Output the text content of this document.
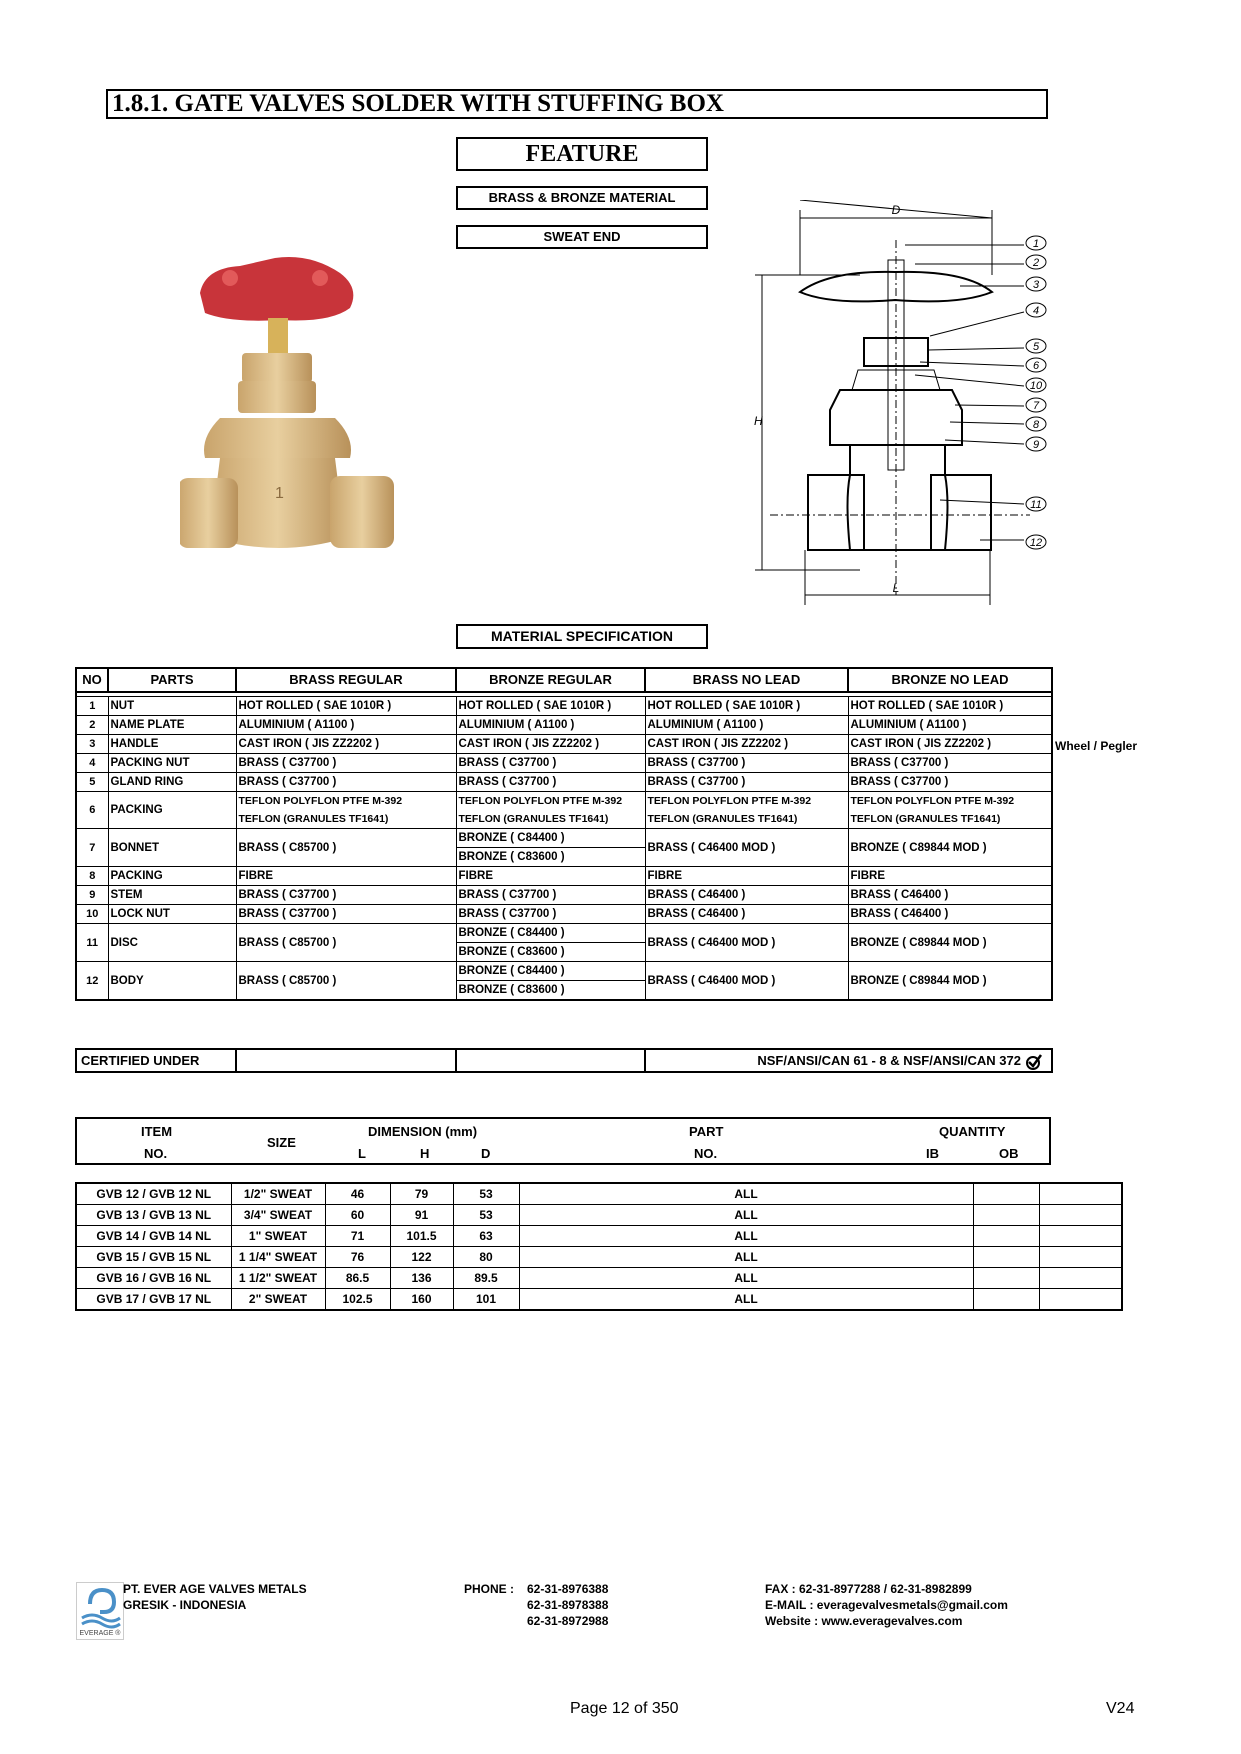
1.8.1. GATE VALVES SOLDER WITH STUFFING BOX
FEATURE
BRASS & BRONZE MATERIAL
SWEAT END
1
1
2
3
4
5
6
10
7
8
9
11
12
D
H
L
MATERIAL SPECIFICATION
NO	PARTS	BRASS REGULAR	BRONZE REGULAR	BRASS NO LEAD	BRONZE NO LEAD

1	NUT	HOT ROLLED ( SAE 1010R )	HOT ROLLED ( SAE 1010R )	HOT ROLLED ( SAE 1010R )	HOT ROLLED ( SAE 1010R )
2	NAME PLATE	ALUMINIUM ( A1100 )	ALUMINIUM ( A1100 )	ALUMINIUM ( A1100 )	ALUMINIUM ( A1100 )
3	HANDLE	CAST IRON ( JIS ZZ2202 )	CAST IRON ( JIS ZZ2202 )	CAST IRON ( JIS ZZ2202 )	CAST IRON ( JIS ZZ2202 )
4	PACKING NUT	BRASS ( C37700 )	BRASS ( C37700 )	BRASS ( C37700 )	BRASS ( C37700 )
5	GLAND RING	BRASS ( C37700 )	BRASS ( C37700 )	BRASS ( C37700 )	BRASS ( C37700 )
6	PACKING	TEFLON POLYFLON PTFE M-392	TEFLON POLYFLON PTFE M-392	TEFLON POLYFLON PTFE M-392	TEFLON POLYFLON PTFE M-392
		TEFLON (GRANULES TF1641)	TEFLON (GRANULES TF1641)	TEFLON (GRANULES TF1641)	TEFLON (GRANULES TF1641)
7	BONNET	BRASS ( C85700 )	BRONZE ( C84400 )	BRASS ( C46400 MOD )	BRONZE ( C89844 MOD )
			BRONZE ( C83600 )		
8	PACKING	FIBRE	FIBRE	FIBRE	FIBRE
9	STEM	BRASS ( C37700 )	BRASS ( C37700 )	BRASS ( C46400 )	BRASS ( C46400 )
10	LOCK NUT	BRASS ( C37700 )	BRASS ( C37700 )	BRASS ( C46400 )	BRASS ( C46400 )
11	DISC	BRASS ( C85700 )	BRONZE ( C84400 )	BRASS ( C46400 MOD )	BRONZE ( C89844 MOD )
			BRONZE ( C83600 )		
12	BODY	BRASS ( C85700 )	BRONZE ( C84400 )	BRASS ( C46400 MOD )	BRONZE ( C89844 MOD )
			BRONZE ( C83600 )		
Wheel / Pegler
CERTIFIED UNDER			NSF/ANSI/CAN 61 - 8 & NSF/ANSI/CAN 372
ITEM
NO.
SIZE
DIMENSION (mm)
L	H	D
PART
NO.
QUANTITY
IB	OB
GVB 12 / GVB 12 NL	1/2" SWEAT	46	79	53	ALL		
GVB 13 / GVB 13 NL	3/4" SWEAT	60	91	53	ALL		
GVB 14 / GVB 14 NL	1" SWEAT	71	101.5	63	ALL		
GVB 15 / GVB 15 NL	1 1/4" SWEAT	76	122	80	ALL		
GVB 16 / GVB 16 NL	1 1/2" SWEAT	86.5	136	89.5	ALL		
GVB 17 / GVB 17 NL	2" SWEAT	102.5	160	101	ALL		
EVERAGE ®
PT. EVER AGE VALVES METALS
GRESIK - INDONESIA
PHONE : 62-31-8976388
62-31-8978388
62-31-8972988
FAX : 62-31-8977288 / 62-31-8982899
E-MAIL : everagevalvesmetals@gmail.com
Website : www.everagevalves.com
Page 12 of 350	V24
